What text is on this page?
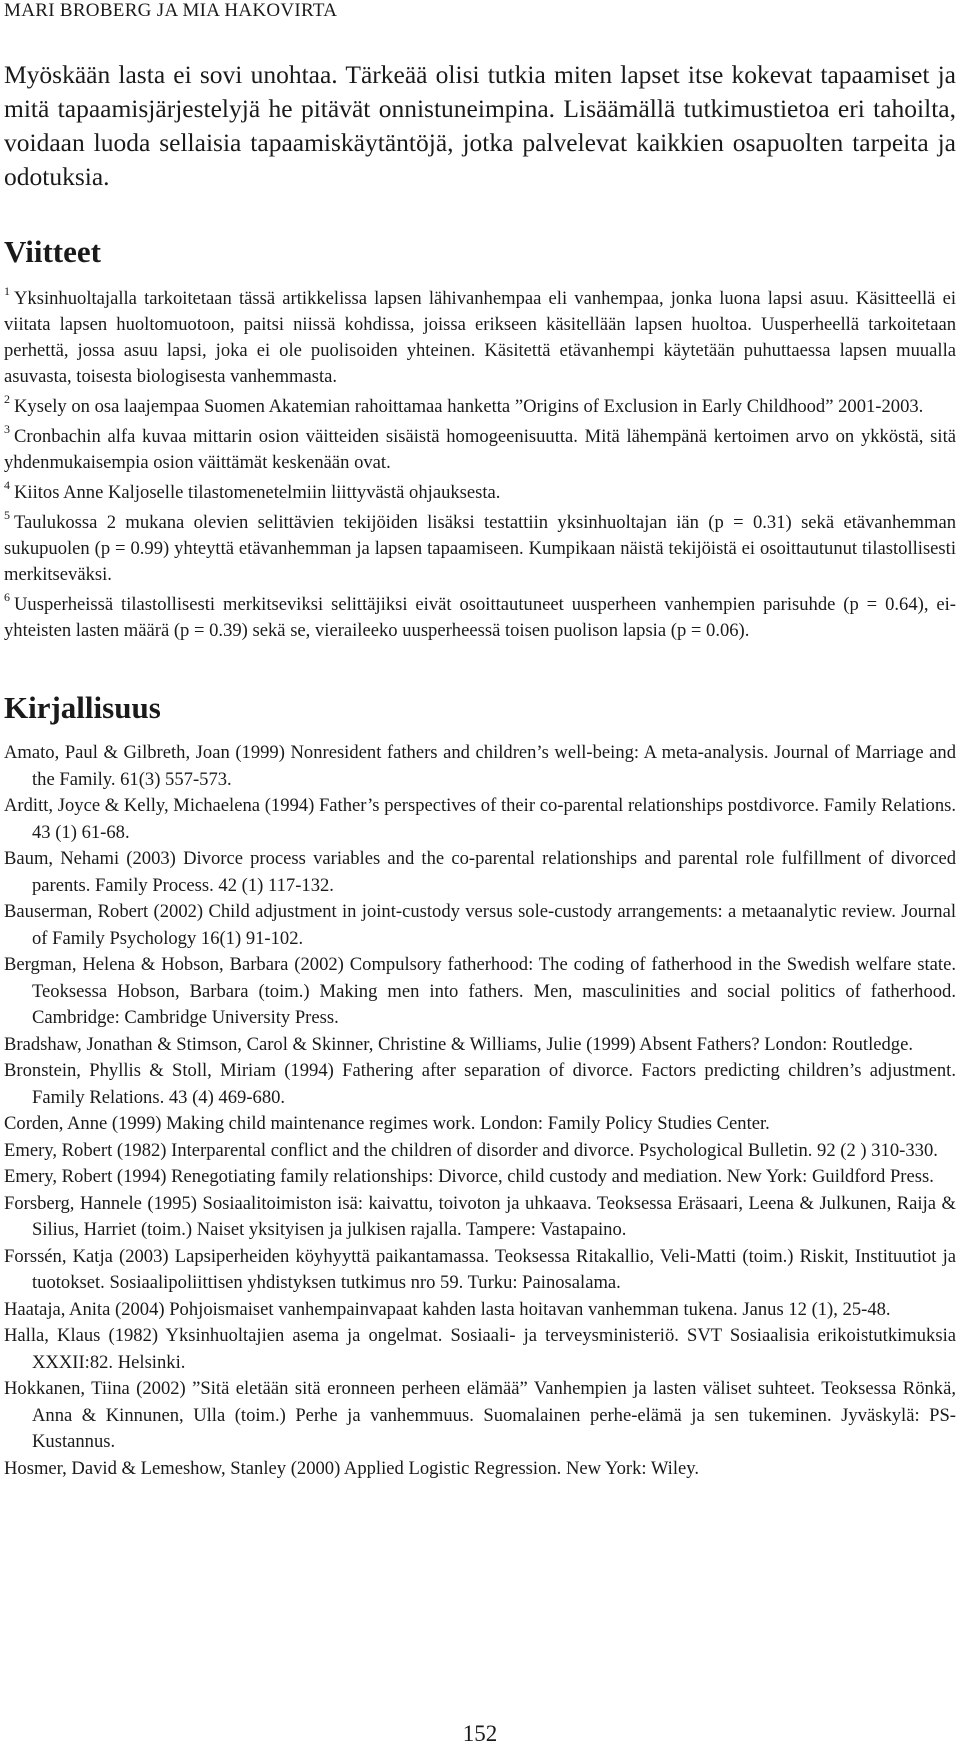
MARI BROBERG JA MIA HAKOVIRTA

Myöskään lasta ei sovi unohtaa. Tärkeää olisi tutkia miten lapset itse kokevat tapaamiset ja mitä tapaamisjärjestelyjä he pitävät onnistuneimpina. Lisäämällä tutkimustietoa eri tahoilta, voidaan luoda sellaisia tapaamiskäytäntöjä, jotka palvelevat kaikkien osapuolten tarpeita ja odotuksia.

Viitteet

$^1$ Yksinhuoltajalla tarkoitetaan tässä artikkelissa lapsen lähivanhempaa eli vanhempaa, jonka luona lapsi asuu. Käsitteellä ei viitata lapsen huoltomuotoon, paitsi niissä kohdissa, joissa erikseen käsitellään lapsen huoltoa. Uusperheellä tarkoitetaan perhettä, jossa asuu lapsi, joka ei ole puolisoiden yhteinen. Käsitettä etävanhempi käytetään puhuttaessa lapsen muualla asuvasta, toisesta biologisesta vanhemmasta.

$^2$ Kysely on osa laajempaa Suomen Akatemian rahoittamaa hanketta ”Origins of Exclusion in Early Childhood” 2001-2003.

$^3$ Cronbachin alfa kuvaa mittarin osion väitteiden sisäistä homogeenisuutta. Mitä lähempänä kertoimen arvo on ykköstä, sitä yhdenmukaisempia osion väittämät keskenään ovat.

$^4$ Kiitos Anne Kaljoselle tilastomenetelmiin liittyvästä ohjauksesta.

$^5$ Taulukossa 2 mukana olevien selittävien tekijöiden lisäksi testattiin yksinhuoltajan iän (p = 0.31) sekä etävanhemman sukupuolen (p = 0.99) yhteyttä etävanhemman ja lapsen tapaamiseen. Kumpikaan näistä tekijöistä ei osoittautunut tilastollisesti merkitseväksi.

$^6$ Uusperheissä tilastollisesti merkitseviksi selittäjiksi eivät osoittautuneet uusperheen vanhempien parisuhde (p = 0.64), ei-yhteisten lasten määrä (p = 0.39) sekä se, vieraileeko uusperheessä toisen puolison lapsia (p = 0.06).

Kirjallisuus

Amato, Paul & Gilbreth, Joan (1999) Nonresident fathers and children’s well-being: A meta-analysis. Journal of Marriage and the Family. 61(3) 557-573.

Arditt, Joyce & Kelly, Michaelena (1994) Father’s perspectives of their co-parental relationships postdivorce. Family Relations. 43 (1) 61-68.

Baum, Nehami (2003) Divorce process variables and the co-parental relationships and parental role fulfillment of divorced parents. Family Process. 42 (1) 117-132.

Bauserman, Robert (2002) Child adjustment in joint-custody versus sole-custody arrangements: a metaanalytic review. Journal of Family Psychology 16(1) 91-102.

Bergman, Helena & Hobson, Barbara (2002) Compulsory fatherhood: The coding of fatherhood in the Swedish welfare state. Teoksessa Hobson, Barbara (toim.) Making men into fathers. Men, masculinities and social politics of fatherhood. Cambridge: Cambridge University Press.

Bradshaw, Jonathan & Stimson, Carol & Skinner, Christine & Williams, Julie (1999) Absent Fathers? London: Routledge.

Bronstein, Phyllis & Stoll, Miriam (1994) Fathering after separation of divorce. Factors predicting children’s adjustment. Family Relations. 43 (4) 469-680.

Corden, Anne (1999) Making child maintenance regimes work. London: Family Policy Studies Center.

Emery, Robert (1982) Interparental conflict and the children of disorder and divorce. Psychological Bulletin. 92 (2 ) 310-330.

Emery, Robert (1994) Renegotiating family relationships: Divorce, child custody and mediation. New York: Guildford Press.

Forsberg, Hannele (1995) Sosiaalitoimiston isä: kaivattu, toivoton ja uhkaava. Teoksessa Eräsaari, Leena & Julkunen, Raija & Silius, Harriet (toim.) Naiset yksityisen ja julkisen rajalla. Tampere: Vastapaino.

Forssén, Katja (2003) Lapsiperheiden köyhyyttä paikantamassa. Teoksessa Ritakallio, Veli-Matti (toim.) Riskit, Instituutiot ja tuotokset. Sosiaalipoliittisen yhdistyksen tutkimus nro 59. Turku: Painosalama.

Haataja, Anita (2004) Pohjoismaiset vanhempainvapaat kahden lasta hoitavan vanhemman tukena. Janus 12 (1), 25-48.

Halla, Klaus (1982) Yksinhuoltajien asema ja ongelmat. Sosiaali- ja terveysministeriö. SVT Sosiaalisia erikoistutkimuksia XXXII:82. Helsinki.

Hokkanen, Tiina (2002) ”Sitä eletään sitä eronneen perheen elämää” Vanhempien ja lasten väliset suhteet. Teoksessa Rönkä, Anna & Kinnunen, Ulla (toim.) Perhe ja vanhemmuus. Suomalainen perhe-elämä ja sen tukeminen. Jyväskylä: PS-Kustannus.

Hosmer, David & Lemeshow, Stanley (2000) Applied Logistic Regression. New York: Wiley.

152
